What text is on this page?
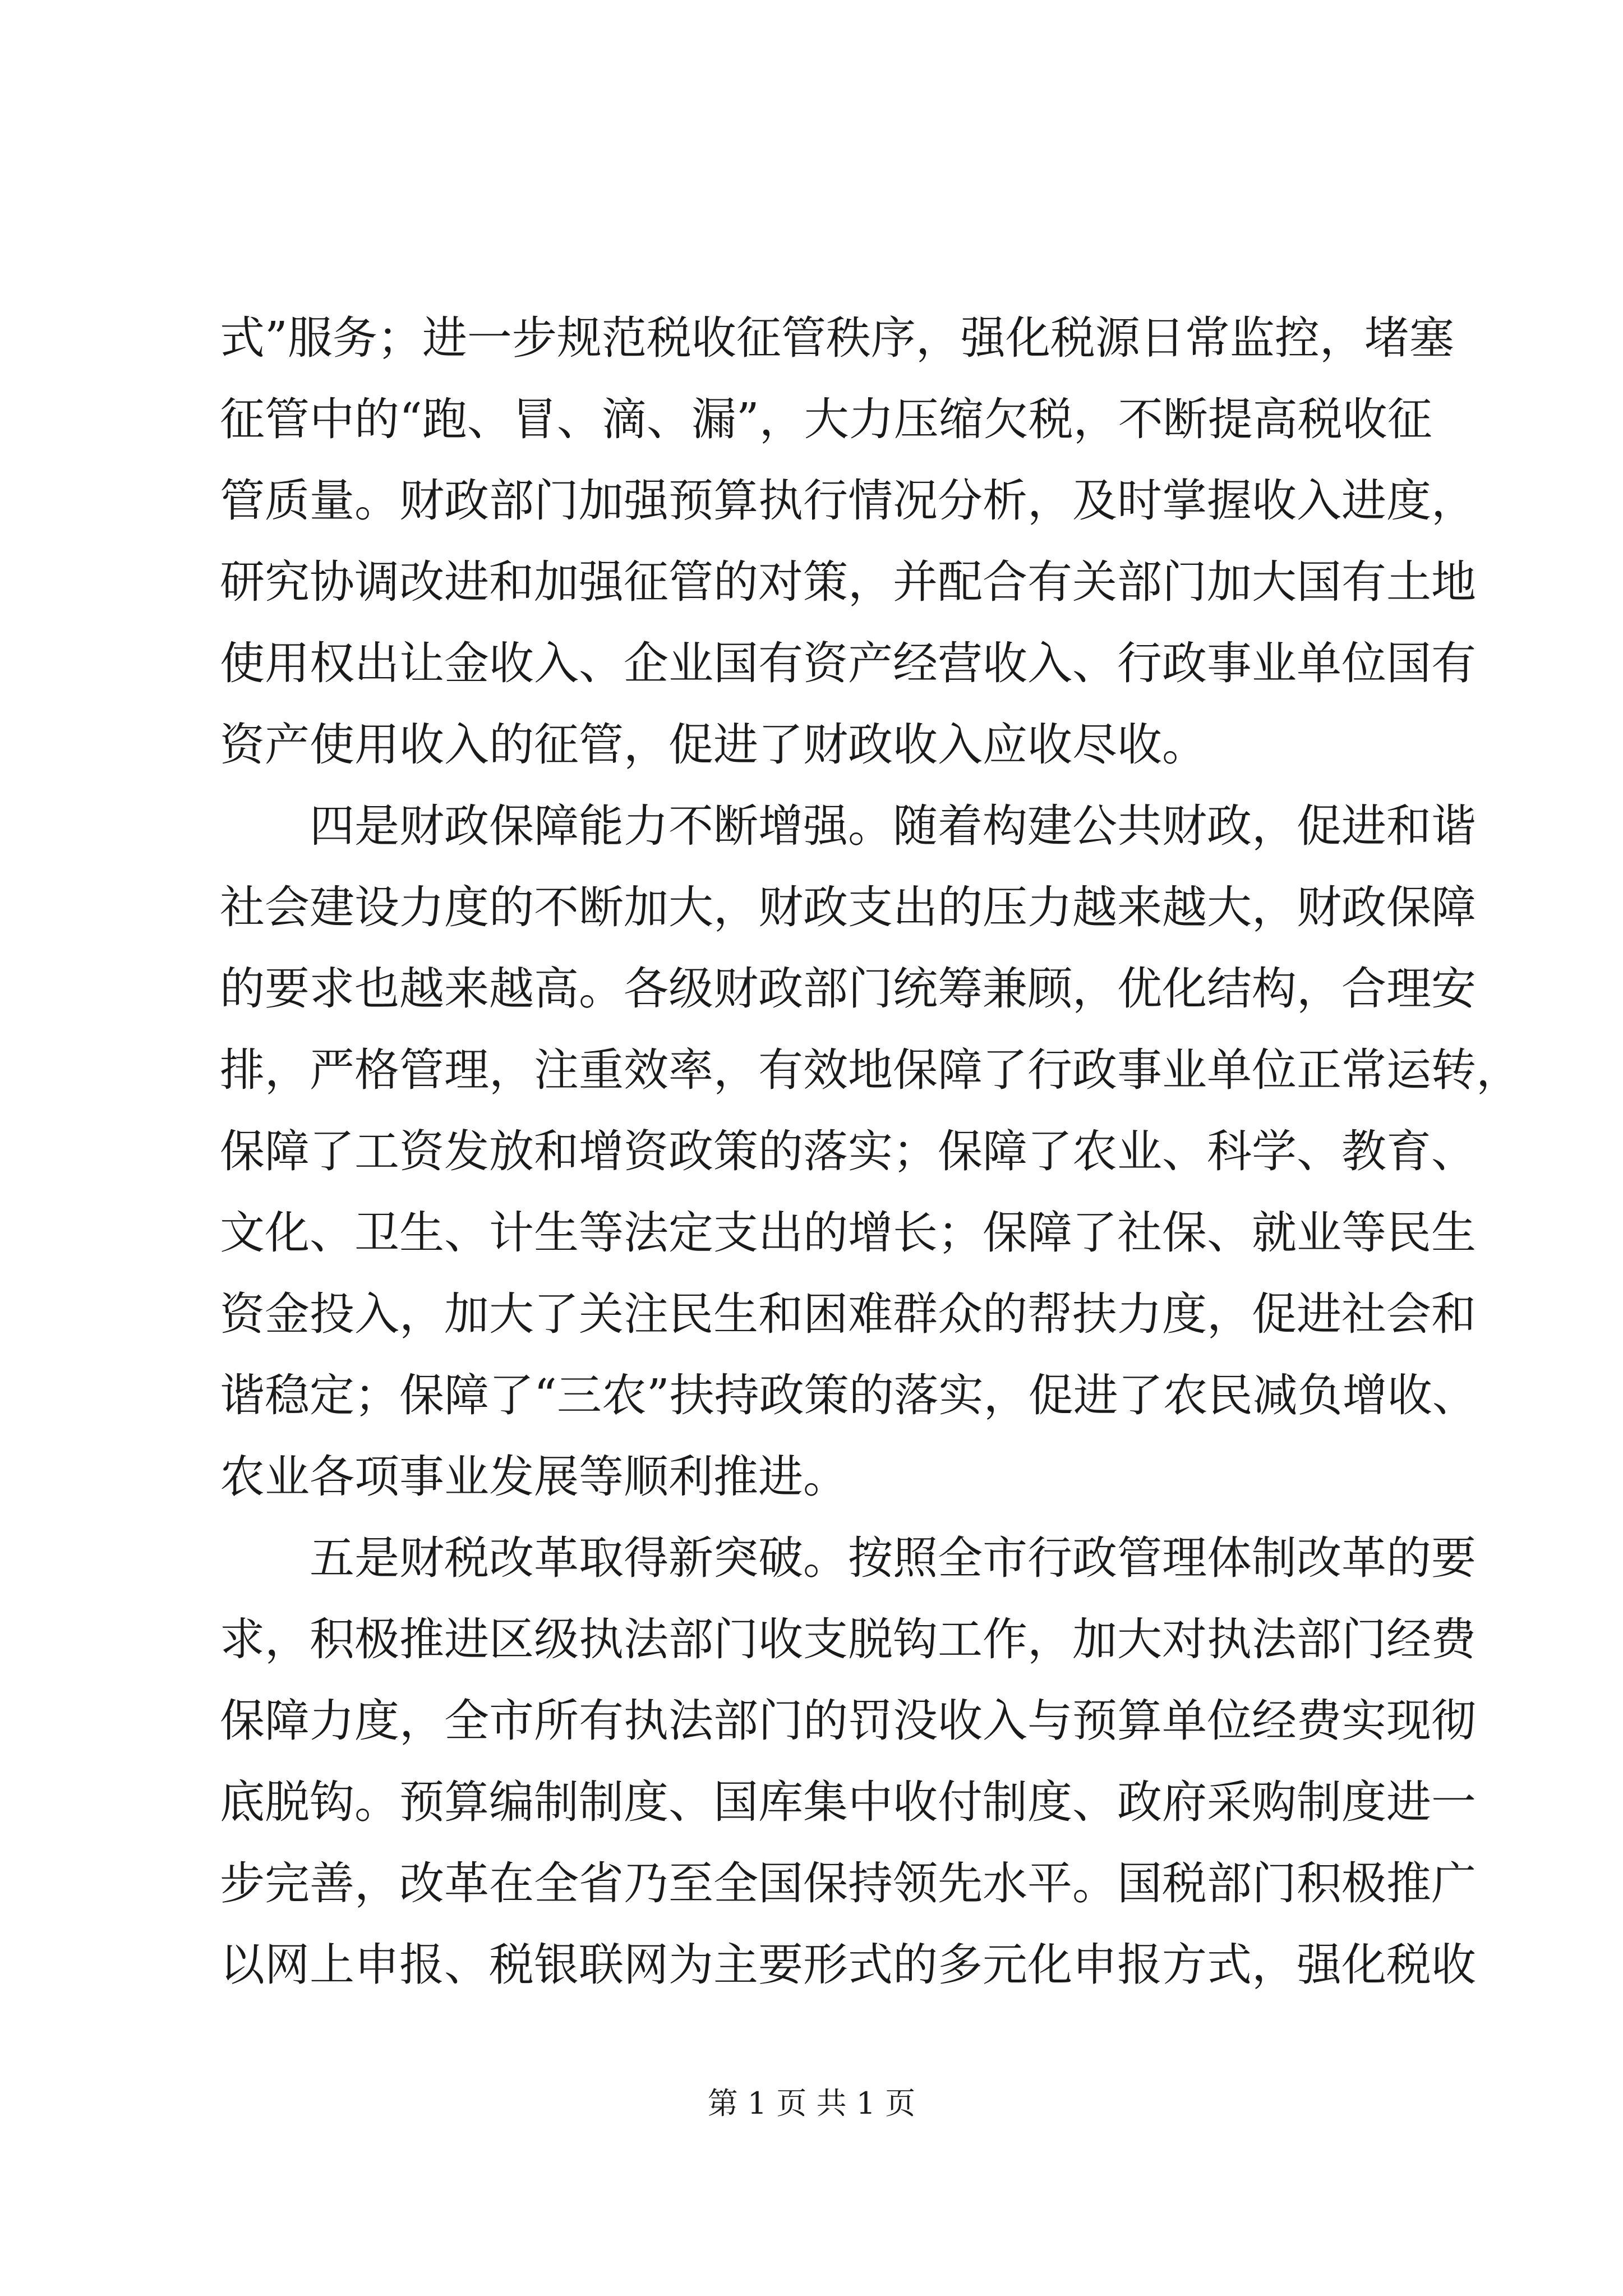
式”服务；进一步规范税收征管秩序，强化税源日常监控，堵塞
征管中的“跑、冒、滴、漏”，大力压缩欠税，不断提高税收征
管质量。财政部门加强预算执行情况分析，及时掌握收入进度，
研究协调改进和加强征管的对策，并配合有关部门加大国有土地
使用权出让金收入、企业国有资产经营收入、行政事业单位国有
资产使用收入的征管，促进了财政收入应收尽收。
四是财政保障能力不断增强。随着构建公共财政，促进和谐
社会建设力度的不断加大，财政支出的压力越来越大，财政保障
的要求也越来越高。各级财政部门统筹兼顾，优化结构，合理安
排，严格管理，注重效率，有效地保障了行政事业单位正常运转，
保障了工资发放和增资政策的落实；保障了农业、科学、教育、
文化、卫生、计生等法定支出的增长；保障了社保、就业等民生
资金投入，加大了关注民生和困难群众的帮扶力度，促进社会和
谐稳定；保障了“三农”扶持政策的落实，促进了农民减负增收、
农业各项事业发展等顺利推进。
五是财税改革取得新突破。按照全市行政管理体制改革的要
求，积极推进区级执法部门收支脱钩工作，加大对执法部门经费
保障力度，全市所有执法部门的罚没收入与预算单位经费实现彻
底脱钩。预算编制制度、国库集中收付制度、政府采购制度进一
步完善，改革在全省乃至全国保持领先水平。国税部门积极推广
以网上申报、税银联网为主要形式的多元化申报方式，强化税收
第 1 页 共 1 页
